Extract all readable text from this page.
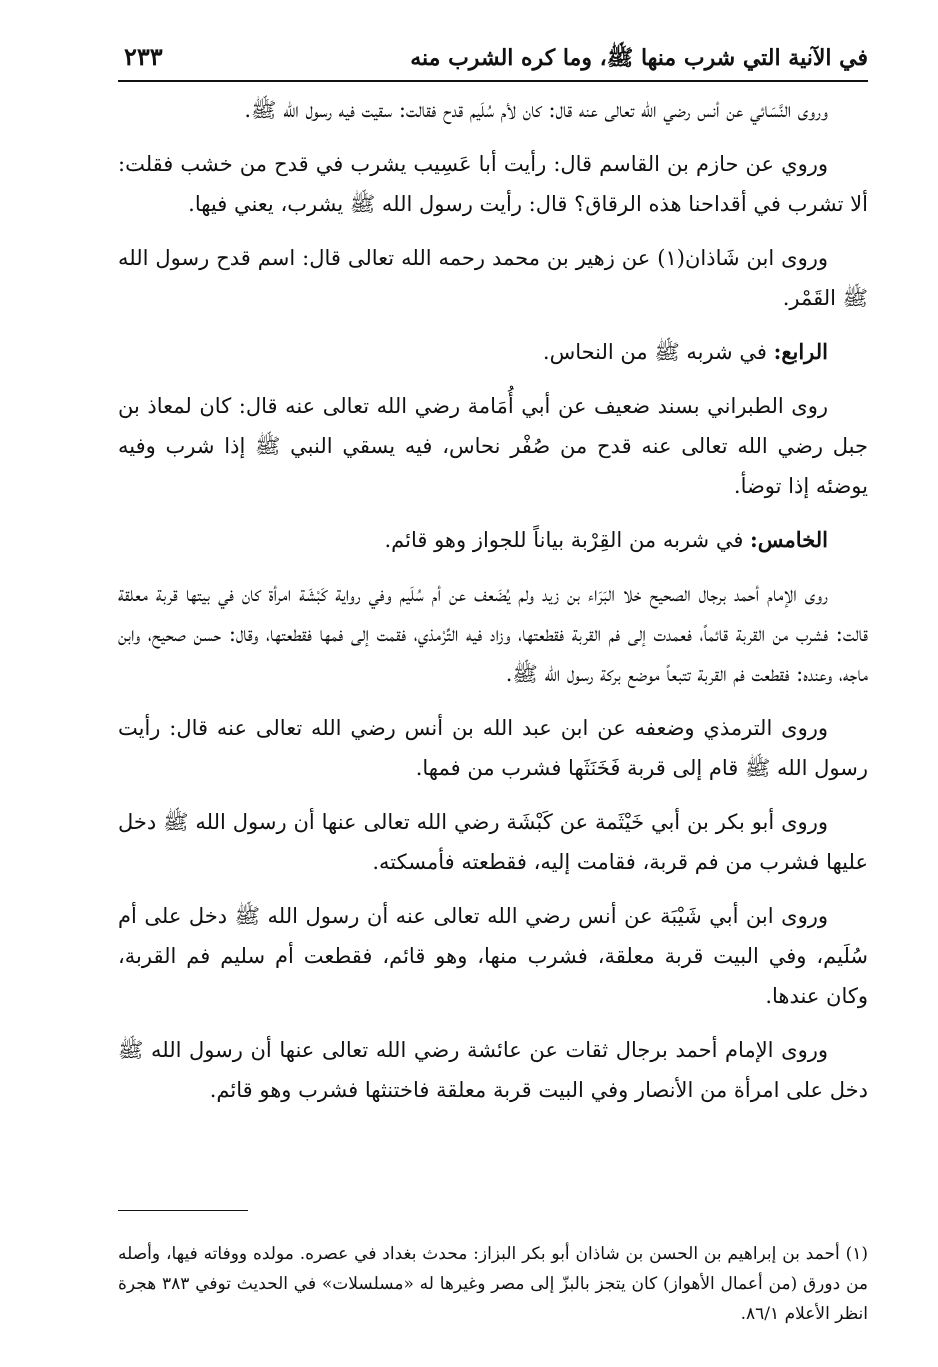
في الآنية التي شرب منها ﷺ، وما كره الشرب منه
٢٣٣

وروى النَّسَائي عن أنس رضي الله تعالى عنه قال: كان لأم سُلَيم قدح فقالت: سقيت فيه رسول الله ﷺ.

وروي عن حازم بن القاسم قال: رأيت أبا عَسِيب يشرب في قدح من خشب فقلت: ألا تشرب في أقداحنا هذه الرقاق؟ قال: رأيت رسول الله ﷺ يشرب، يعني فيها.

وروى ابن شَاذان(١) عن زهير بن محمد رحمه الله تعالى قال: اسم قدح رسول الله ﷺ القَمْر.

الرابع: في شربه ﷺ من النحاس.

روى الطبراني بسند ضعيف عن أبي أُمَامة رضي الله تعالى عنه قال: كان لمعاذ بن جبل رضي الله تعالى عنه قدح من صُفْر نحاس، فيه يسقي النبي ﷺ إذا شرب وفيه يوضئه إذا توضأ.

الخامس: في شربه من القِرْبة بياناً للجواز وهو قائم.

روى الإمام أحمد برجال الصحيح خلا البَرَاء بن زيد ولم يُضَعف عن أم سُلَيم وفي رواية كَبْشَة امرأة كان في بيتها قربة معلقة قالت: فشرب من القربة قائماً، فعمدت إلى فم القربة فقطعتها، وزاد فيه التِّرْمذي، فقمت إلى فمها فقطعتها، وقال: حسن صحيح، وابن ماجه، وعنده: فقطعت فم القربة تتبعاً موضع بركة رسول الله ﷺ.

وروى الترمذي وضعفه عن ابن عبد الله بن أنس رضي الله تعالى عنه قال: رأيت رسول الله ﷺ قام إلى قربة فَخَنَثَها فشرب من فمها.

وروى أبو بكر بن أبي خَيْثَمة عن كَبْشَة رضي الله تعالى عنها أن رسول الله ﷺ دخل عليها فشرب من فم قربة، فقامت إليه، فقطعته فأمسكته.

وروى ابن أبي شَيْبَة عن أنس رضي الله تعالى عنه أن رسول الله ﷺ دخل على أم سُلَيم، وفي البيت قربة معلقة، فشرب منها، وهو قائم، فقطعت أم سليم فم القربة، وكان عندها.

وروى الإمام أحمد برجال ثقات عن عائشة رضي الله تعالى عنها أن رسول الله ﷺ دخل على امرأة من الأنصار وفي البيت قربة معلقة فاختنثها فشرب وهو قائم.

(١) أحمد بن إبراهيم بن الحسن بن شاذان أبو بكر البزاز: محدث بغداد في عصره. مولده ووفاته فيها، وأصله من دورق (من أعمال الأهواز) كان يتجز بالبزّ إلى مصر وغيرها له «مسلسلات» في الحديث توفي ٣٨٣ هجرة انظر الأعلام ٨٦/١.
